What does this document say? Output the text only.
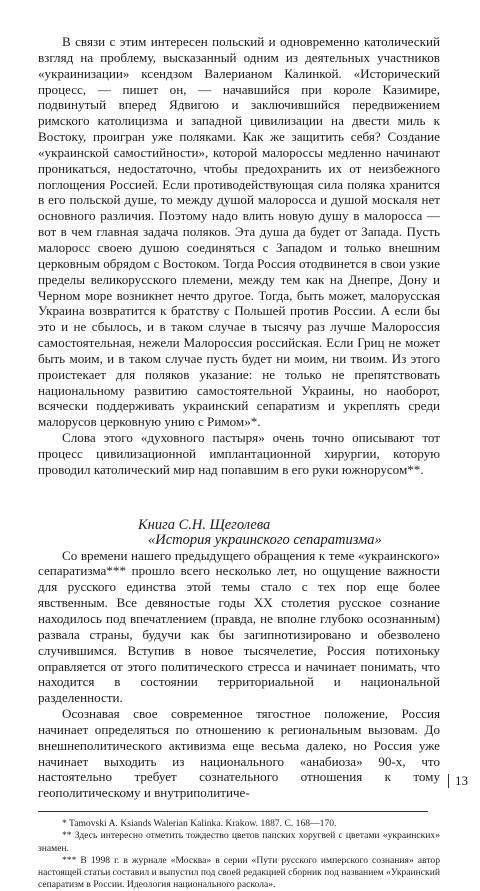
В связи с этим интересен польский и одновременно католический взгляд на проблему, высказанный одним из деятельных участников «украинизации» ксендзом Валерианом Калинкой. «Исторический процесс, — пишет он, — начавшийся при короле Казимире, подвинутый вперед Ядвигою и заключившийся передвижением римского католицизма и западной цивилизации на двести миль к Востоку, проигран уже поляками. Как же защитить себя? Создание «украинской самостийности», которой малороссы медленно начинают проникаться, недостаточно, чтобы предохранить их от неизбежного поглощения Россией. Если противодействующая сила поляка хранится в его польской душе, то между душой малоросса и душой москаля нет основного различия. Поэтому надо влить новую душу в малоросса — вот в чем главная задача поляков. Эта душа да будет от Запада. Пусть малоросс своею душою соединяться с Западом и только внешним церковным обрядом с Востоком. Тогда Россия отодвинется в свои узкие пределы великорусского племени, между тем как на Днепре, Дону и Черном море возникнет нечто другое. Тогда, быть может, малорусская Украина возвратится к братству с Польшей против России. А если бы это и не сбылось, и в таком случае в тысячу раз лучше Малороссия самостоятельная, нежели Малороссия российская. Если Гриц не может быть моим, и в таком случае пусть будет ни моим, ни твоим. Из этого проистекает для поляков указание: не только не препятствовать национальному развитию самостоятельной Украины, но наоборот, всячески поддерживать украинский сепаратизм и укреплять среди малорусов церковную унию с Римом»*.

Слова этого «духовного пастыря» очень точно описывают тот процесс цивилизационной имплантационной хирургии, которую проводил католический мир над попавшим в его руки южнорусом**.

Книга С.Н. Щеголева
«История украинского сепаратизма»

Со времени нашего предыдущего обращения к теме «украинского» сепаратизма*** прошло всего несколько лет, но ощущение важности для русского единства этой темы стало с тех пор еще более явственным. Все девяностые годы XX столетия русское сознание находилось под впечатлением (правда, не вполне глубоко осознанным) развала страны, будучи как бы загипнотизировано и обезволено случившимся. Вступив в новое тысячелетие, Россия потихоньку оправляется от этого политического стресса и начинает понимать, что находится в состоянии территориальной и национальной разделенности.

Осознавая свое современное тягостное положение, Россия начинает определяться по отношению к региональным вызовам. До внешнеполитического активизма еще весьма далеко, но Россия уже начинает выходить из национального «анабиоза» 90-х, что настоятельно требует сознательного отношения к тому геополитическому и внутриполитиче-

* Tamovski A. Ksiands Walerian Kalinka. Krakow. 1887. С. 168—170.

** Здесь интересно отметить тождество цветов папских хоругвей с цветами «украинских» знамен.

*** В 1998 г. в журнале «Москва» в серии «Пути русского имперского сознания» автор настоящей статьи составил и выпустил под своей редакцией сборник под названием «Украинский сепаратизм в России. Идеология национального раскола».

13
